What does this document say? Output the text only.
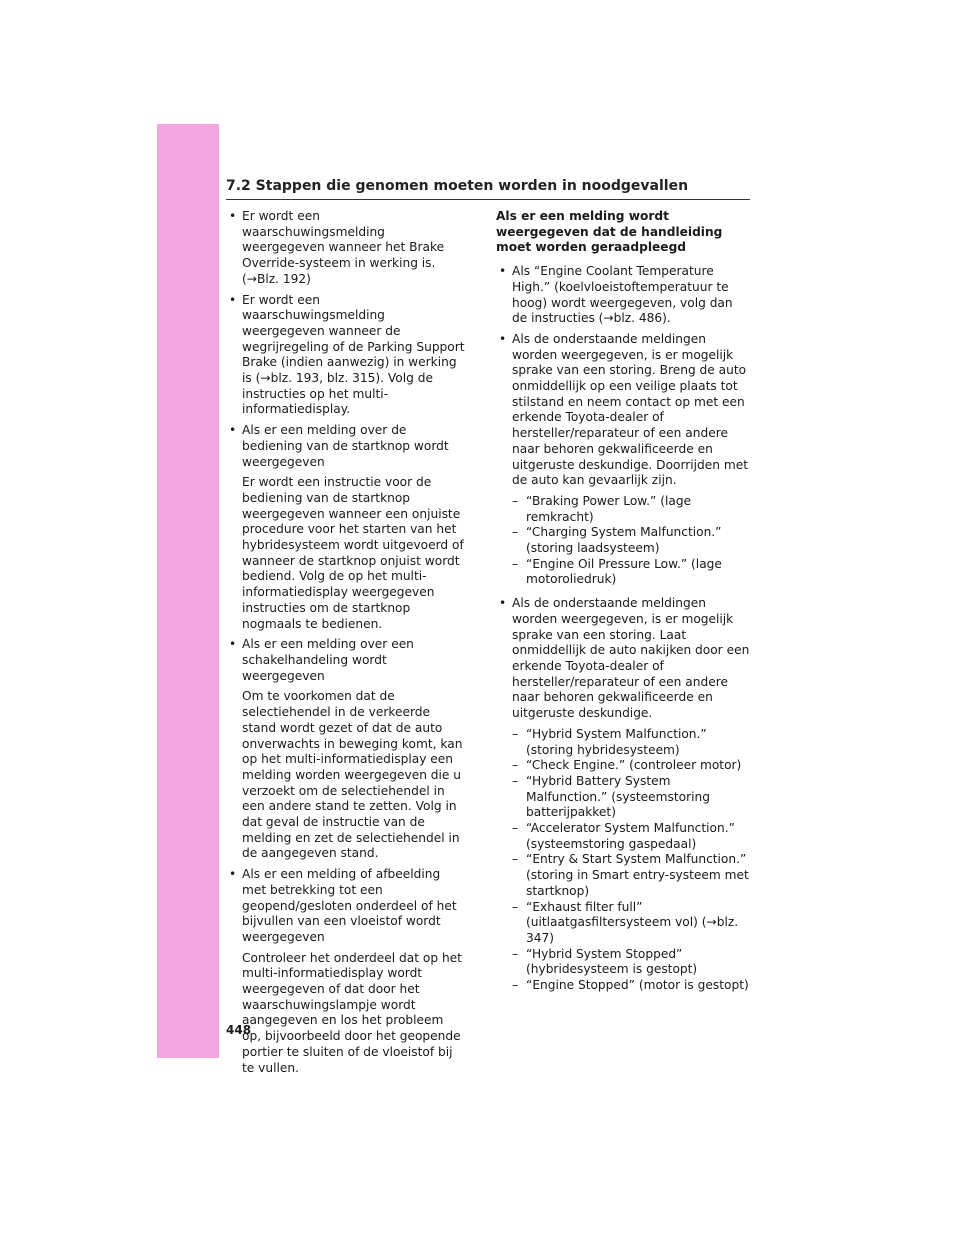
7.2 Stappen die genomen moeten worden in noodgevallen
• Er wordt een waarschuwingsmelding weergegeven wanneer het Brake Override-systeem in werking is. (→Blz. 192)
• Er wordt een waarschuwingsmelding weergegeven wanneer de wegrijregeling of de Parking Support Brake (indien aanwezig) in werking is (→blz. 193, blz. 315). Volg de instructies op het multi-informatiedisplay.
• Als er een melding over de bediening van de startknop wordt weergegeven
Er wordt een instructie voor de bediening van de startknop weergegeven wanneer een onjuiste procedure voor het starten van het hybridesysteem wordt uitgevoerd of wanneer de startknop onjuist wordt bediend. Volg de op het multi-informatiedisplay weergegeven instructies om de startknop nogmaals te bedienen.
• Als er een melding over een schakelhandeling wordt weergegeven
Om te voorkomen dat de selectiehendel in de verkeerde stand wordt gezet of dat de auto onverwachts in beweging komt, kan op het multi-informatiedisplay een melding worden weergegeven die u verzoekt om de selectiehendel in een andere stand te zetten. Volg in dat geval de instructie van de melding en zet de selectiehendel in de aangegeven stand.
• Als er een melding of afbeelding met betrekking tot een geopend/gesloten onderdeel of het bijvullen van een vloeistof wordt weergegeven
Controleer het onderdeel dat op het multi-informatiedisplay wordt weergegeven of dat door het waarschuwingslampje wordt aangegeven en los het probleem op, bijvoorbeeld door het geopende portier te sluiten of de vloeistof bij te vullen.
Als er een melding wordt weergegeven dat de handleiding moet worden geraadpleegd
• Als “Engine Coolant Temperature High.” (koelvloeistoftemperatuur te hoog) wordt weergegeven, volg dan de instructies (→blz. 486).
• Als de onderstaande meldingen worden weergegeven, is er mogelijk sprake van een storing. Breng de auto onmiddellijk op een veilige plaats tot stilstand en neem contact op met een erkende Toyota-dealer of hersteller/reparateur of een andere naar behoren gekwalificeerde en uitgeruste deskundige. Doorrijden met de auto kan gevaarlijk zijn.
– “Braking Power Low.” (lage remkracht)
– “Charging System Malfunction.” (storing laadsysteem)
– “Engine Oil Pressure Low.” (lage motoroliedruk)
• Als de onderstaande meldingen worden weergegeven, is er mogelijk sprake van een storing. Laat onmiddellijk de auto nakijken door een erkende Toyota-dealer of hersteller/reparateur of een andere naar behoren gekwalificeerde en uitgeruste deskundige.
– “Hybrid System Malfunction.” (storing hybridesysteem)
– “Check Engine.” (controleer motor)
– “Hybrid Battery System Malfunction.” (systeemstoring batterijpakket)
– “Accelerator System Malfunction.” (systeemstoring gaspedaal)
– “Entry & Start System Malfunction.” (storing in Smart entry-systeem met startknop)
– “Exhaust filter full” (uitlaatgasfiltersysteem vol) (→blz. 347)
– “Hybrid System Stopped” (hybridesysteem is gestopt)
– “Engine Stopped” (motor is gestopt)
448
